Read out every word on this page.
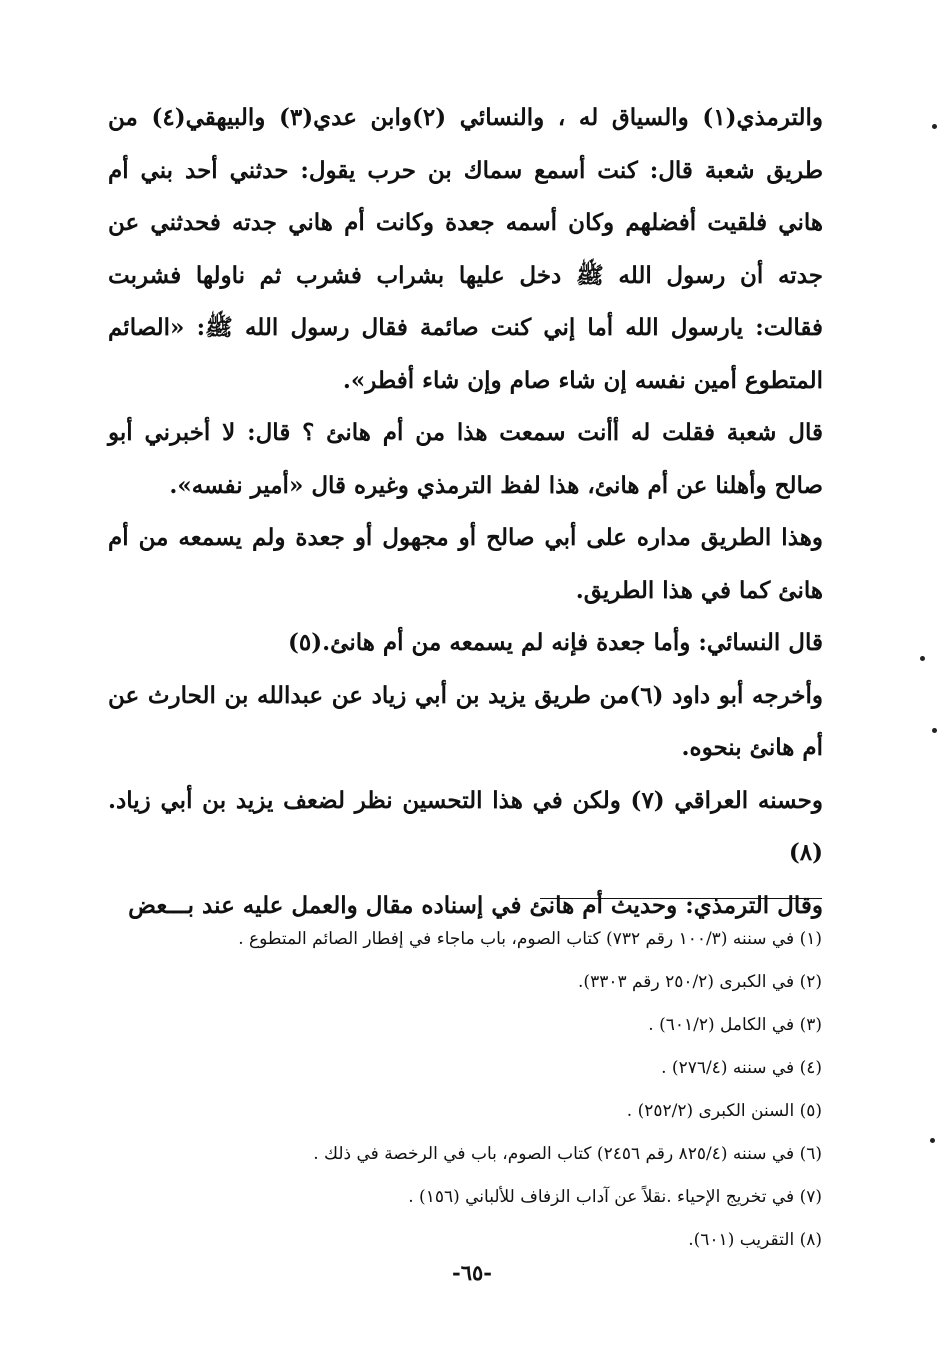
والترمذي(١) والسياق له ، والنسائي (٢)وابن عدي(٣) والبيهقي(٤) من طريق شعبة قال: كنت أسمع سماك بن حرب يقول: حدثني أحد بني أم هاني فلقيت أفضلهم وكان أسمه جعدة وكانت أم هاني جدته فحدثني عن جدته أن رسول الله ﷺ دخل عليها بشراب فشرب ثم ناولها فشربت فقالت: يارسول الله أما إني كنت صائمة فقال رسول الله ﷺ: «الصائم المتطوع أمين نفسه إن شاء صام وإن شاء أفطر».

قال شعبة فقلت له أأنت سمعت هذا من أم هانئ ؟ قال: لا أخبرني أبو صالح وأهلنا عن أم هانئ، هذا لفظ الترمذي وغيره قال «أمير نفسه».

وهذا الطريق مداره على أبي صالح أو مجهول أو جعدة ولم يسمعه من أم هانئ كما في هذا الطريق.

قال النسائي: وأما جعدة فإنه لم يسمعه من أم هانئ.(٥)

وأخرجه أبو داود (٦)من طريق يزيد بن أبي زياد عن عبدالله بن الحارث عن أم هانئ بنحوه.

وحسنه العراقي (٧) ولكن في هذا التحسين نظر لضعف يزيد بن أبي زياد.(٨)

وقال الترمذي: وحديث أم هانئ في إسناده مقال والعمل عليه عند بـــعض

(١) في سننه (١٠٠/٣ رقم ٧٣٢) كتاب الصوم، باب ماجاء في إفطار الصائم المتطوع .
(٢) في الكبرى (٢٥٠/٢ رقم ٣٣٠٣).
(٣) في الكامل (٦٠١/٢) .
(٤) في سننه (٢٧٦/٤) .
(٥) السنن الكبرى (٢٥٢/٢) .
(٦) في سننه (٨٢٥/٤ رقم ٢٤٥٦) كتاب الصوم، باب في الرخصة في ذلك .
(٧) في تخريج الإحياء .نقلاً عن آداب الزفاف للألباني (١٥٦) .
(٨) التقريب (٦٠١).
-٦٥-
